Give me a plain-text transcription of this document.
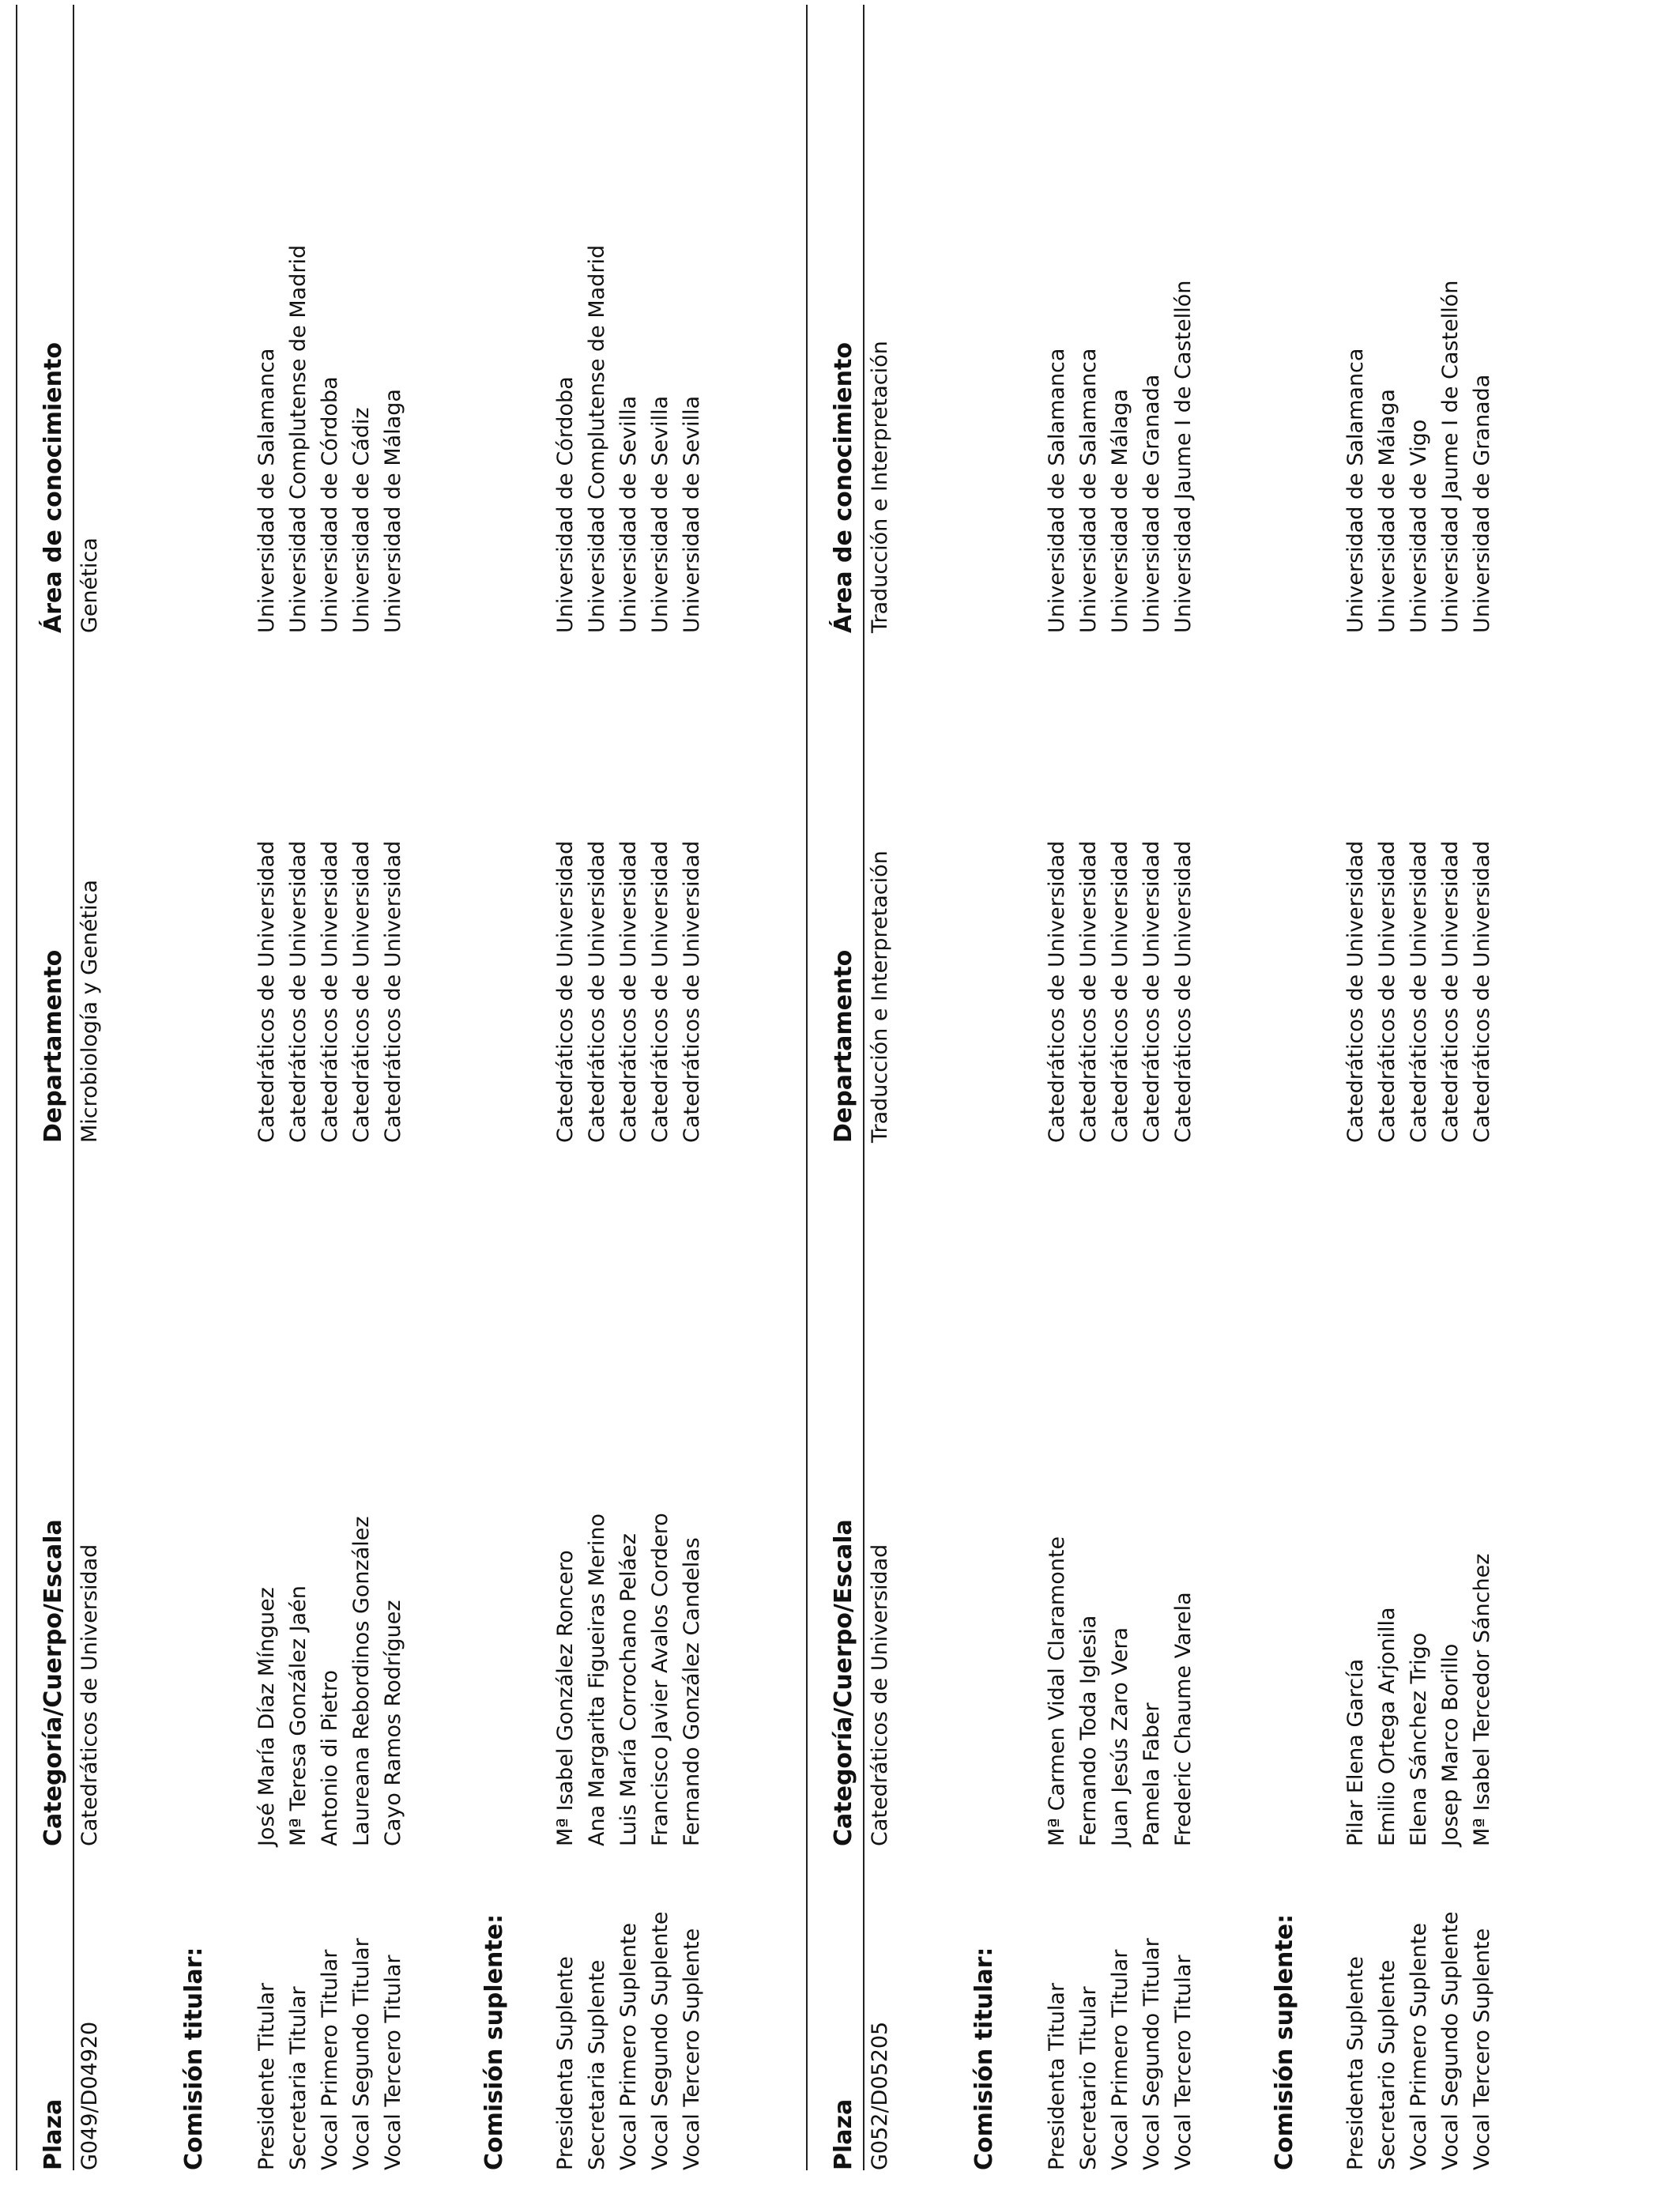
Plaza
Categoría/Cuerpo/Escala
Departamento
Área de conocimiento
G049/D04920
Catedráticos de Universidad
Microbiología y Genética
Genética
Comisión titular: Presidente Titular Secretaria Titular Vocal Primero Titular Vocal Segundo Titular Vocal Tercero Titular
José María Díaz Mínguez Mª Teresa González Jaén Antonio di Pietro Laureana Rebordinos González Cayo Ramos Rodríguez
Catedráticos de Universidad Catedráticos de Universidad Catedráticos de Universidad Catedráticos de Universidad Catedráticos de Universidad
Universidad de Salamanca Universidad Complutense de Madrid Universidad de Córdoba Universidad de Cádiz Universidad de Málaga
Comisión suplente: Presidenta Suplente Secretaria Suplente Vocal Primero Suplente Vocal Segundo Suplente Vocal Tercero Suplente
Mª Isabel González Roncero Ana Margarita Figueiras Merino Luis María Corrochano Peláez Francisco Javier Avalos Cordero Fernando González Candelas
Catedráticos de Universidad Catedráticos de Universidad Catedráticos de Universidad Catedráticos de Universidad Catedráticos de Universidad
Universidad de Córdoba Universidad Complutense de Madrid Universidad de Sevilla Universidad de Sevilla Universidad de Sevilla
Plaza
Categoría/Cuerpo/Escala
Departamento
Área de conocimiento
G052/D05205
Catedráticos de Universidad
Traducción e Interpretación
Traducción e Interpretación
Comisión titular: Presidenta Titular Secretario Titular Vocal Primero Titular Vocal Segundo Titular Vocal Tercero Titular
Mª Carmen Vidal Claramonte Fernando Toda Iglesia Juan Jesús Zaro Vera Pamela Faber Frederic Chaume Varela
Catedráticos de Universidad Catedráticos de Universidad Catedráticos de Universidad Catedráticos de Universidad Catedráticos de Universidad
Universidad de Salamanca Universidad de Salamanca Universidad de Málaga Universidad de Granada Universidad Jaume I de Castellón
Comisión suplente: Presidenta Suplente Secretario Suplente Vocal Primero Suplente Vocal Segundo Suplente Vocal Tercero Suplente
Pilar Elena García Emilio Ortega Arjonilla Elena Sánchez Trigo Josep Marco Borillo Mª Isabel Tercedor Sánchez
Catedráticos de Universidad Catedráticos de Universidad Catedráticos de Universidad Catedráticos de Universidad Catedráticos de Universidad
Universidad de Salamanca Universidad de Málaga Universidad de Vigo Universidad Jaume I de Castellón Universidad de Granada
